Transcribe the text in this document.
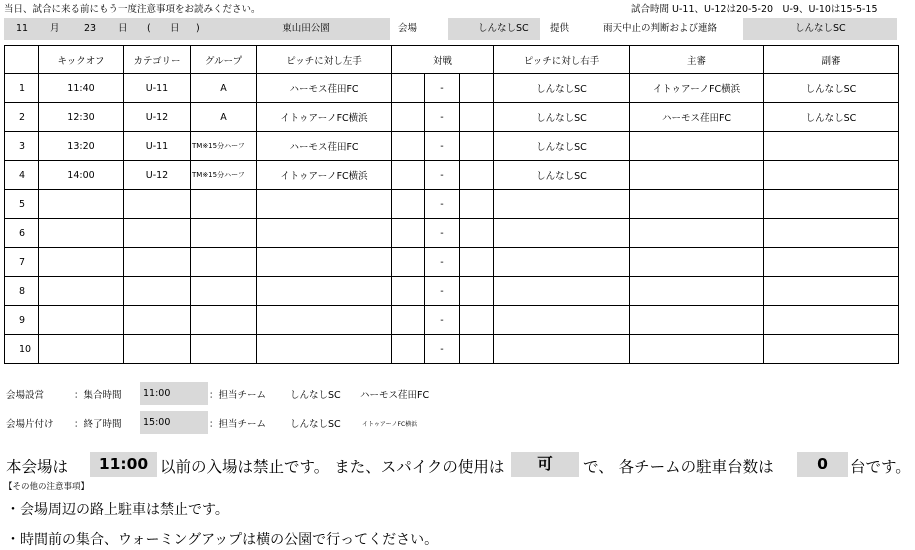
当日、試合に来る前にもう一度注意事項をお読みください。	試合時間 U-11、U-12は20-5-20　U-9、U-10は15-5-15
11 月	23 日 ( 日 )	東山田公園	会場	しんなしSC 提供	雨天中止の判断および連絡	しんなしSC
	キックオフ	カテゴリー	グループ	ピッチに対し左手	対戦			ピッチに対し右手	主審	副審
1	11:40	U-11	A	ハーモス荏田FC		-		しんなしSC	イトゥアーノFC横浜	しんなしSC
2	12:30	U-12	A	イトゥアーノFC横浜		-		しんなしSC	ハーモス荏田FC	しんなしSC
3	13:20	U-11	TM※15分ハーフ	ハーモス荏田FC		-		しんなしSC		
4	14:00	U-12	TM※15分ハーフ	イトゥアーノFC横浜		-		しんなしSC		
5						-				
6						-				
7						-				
8						-				
9						-				
10						-				
会場設営	：集合時間	11:00	：担当チーム	しんなしSC ハーモス荏田FC
会場片付け ：終了時間	15:00	：担当チーム	しんなしSC	イトゥアーノFC横浜
本会場は	11:00 以前の入場は禁止です。 また、スパイクの使用は	可	で、 各チームの駐車台数は	0	台です。
【その他の注意事項】
・会場周辺の路上駐車は禁止です。
・時間前の集合、ウォーミングアップは横の公園で行ってください。
